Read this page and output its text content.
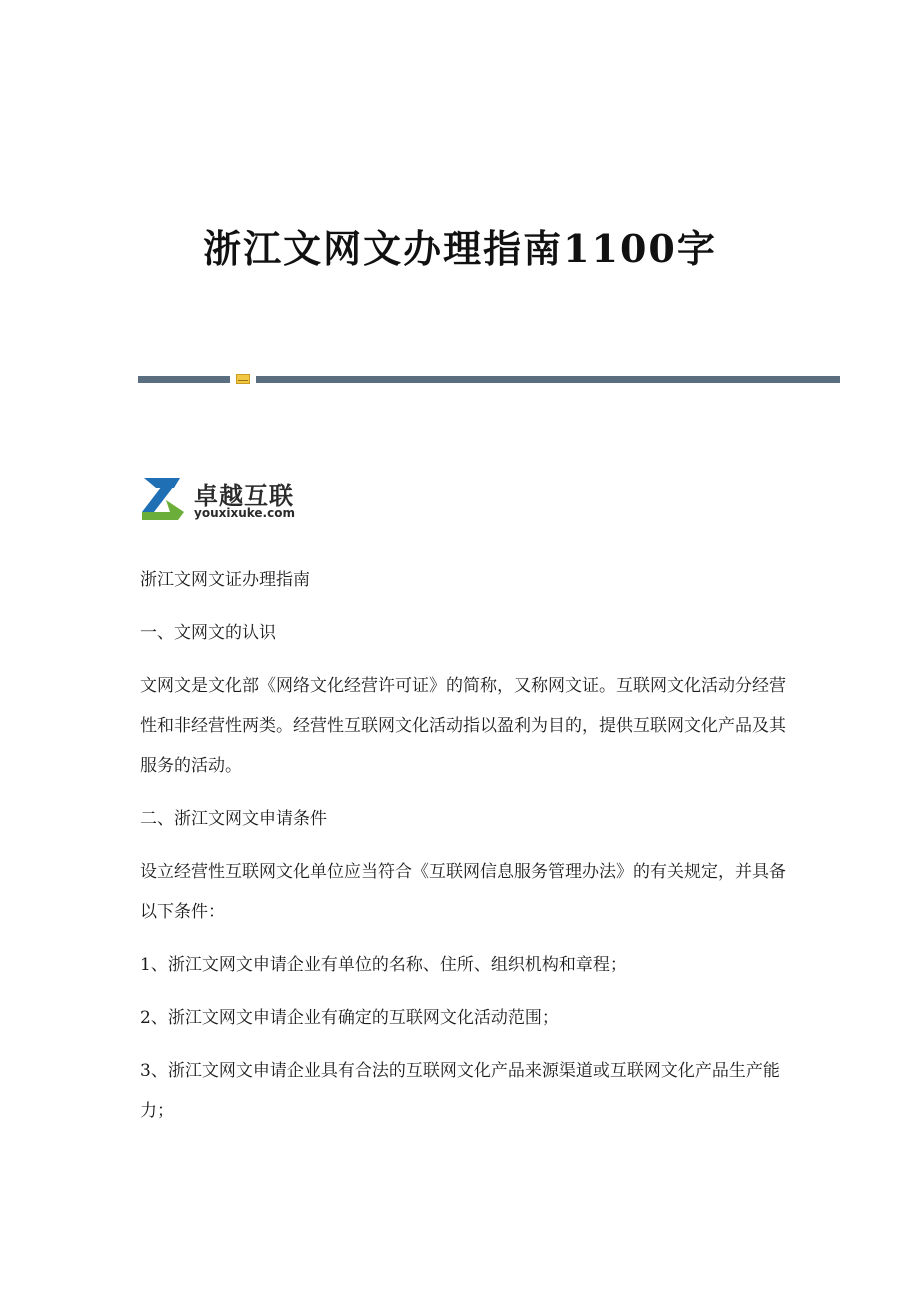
浙江文网文办理指南1100字
卓越互联
youxixuke.com

浙江文网文证办理指南

一、文网文的认识

文网文是文化部《网络文化经营许可证》的简称，又称网文证。互联网文化活动分经营性和非经营性两类。经营性互联网文化活动指以盈利为目的，提供互联网文化产品及其服务的活动。

二、浙江文网文申请条件

设立经营性互联网文化单位应当符合《互联网信息服务管理办法》的有关规定，并具备以下条件：

1、浙江文网文申请企业有单位的名称、住所、组织机构和章程；

2、浙江文网文申请企业有确定的互联网文化活动范围；

3、浙江文网文申请企业具有合法的互联网文化产品来源渠道或互联网文化产品生产能力；
